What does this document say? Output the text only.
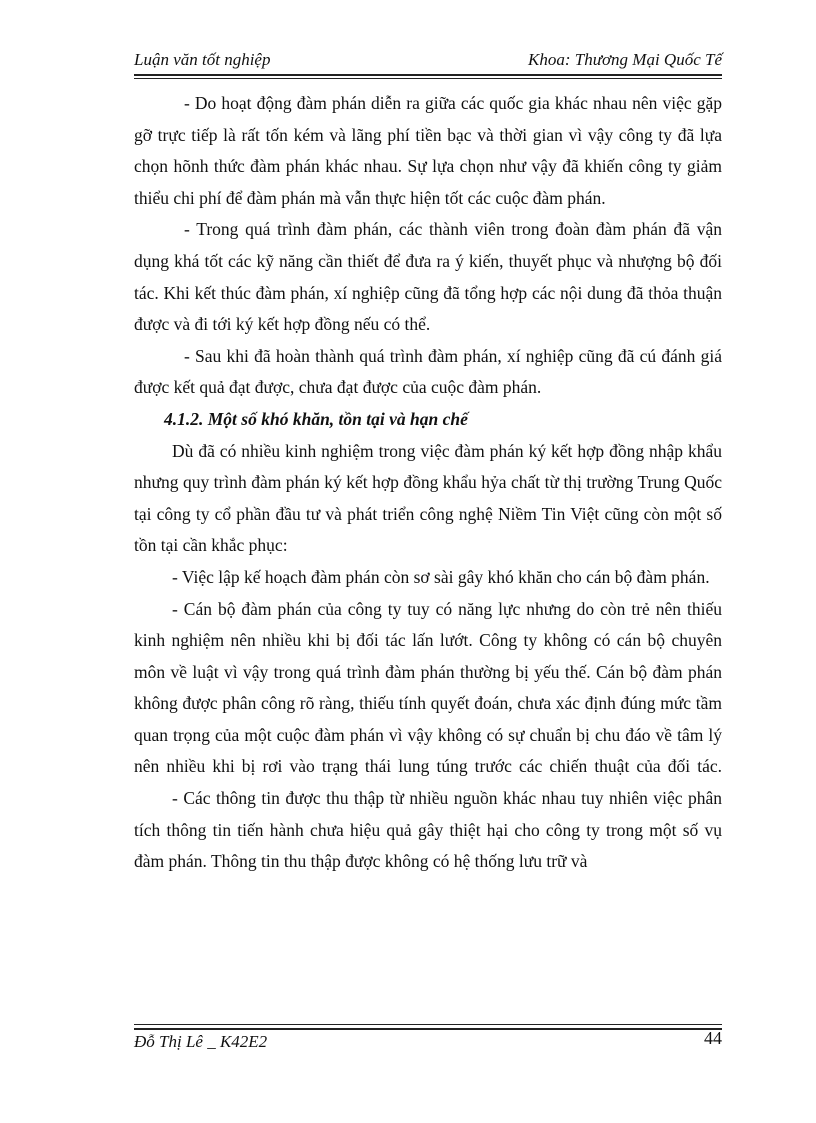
Luận văn tốt nghiệp	Khoa: Thương Mại Quốc Tế

- Do hoạt động đàm phán diễn ra giữa các quốc gia khác nhau nên việc gặp gỡ trực tiếp là rất tốn kém và lãng phí tiền bạc và thời gian vì vậy công ty đã lựa chọn hõnh thức đàm phán khác nhau. Sự lựa chọn như vậy đã khiến công ty giảm thiểu chi phí để đàm phán mà vẫn thực hiện tốt các cuộc đàm phán.

- Trong quá trình đàm phán, các thành viên trong đoàn đàm phán đã vận dụng khá tốt các kỹ năng cần thiết để đưa ra ý kiến, thuyết phục và nhượng bộ đối tác. Khi kết thúc đàm phán, xí nghiệp cũng đã tổng hợp các nội dung đã thỏa thuận được và đi tới ký kết hợp đồng nếu có thể.

- Sau khi đã hoàn thành quá trình đàm phán, xí nghiệp cũng đã cú đánh giá được kết quả đạt được, chưa đạt được của cuộc đàm phán.

4.1.2. Một số khó khăn, tồn tại và hạn chế

Dù đã có nhiều kinh nghiệm trong việc đàm phán ký kết hợp đồng nhập khẩu nhưng quy trình đàm phán ký kết hợp đồng khẩu hỷa chất từ thị trường Trung Quốc tại công ty cổ phần đầu tư và phát triển công nghệ Niềm Tin Việt cũng còn một số tồn tại cần khắc phục:

- Việc lập kế hoạch đàm phán còn sơ sài gây khó khăn cho cán bộ đàm phán.

- Cán bộ đàm phán của công ty tuy có năng lực nhưng do còn trẻ nên thiếu kinh nghiệm nên nhiều khi bị đối tác lấn lướt. Công ty không có cán bộ chuyên môn về luật vì vậy trong quá trình đàm phán thường bị yếu thế. Cán bộ đàm phán không được phân công rõ ràng, thiếu tính quyết đoán, chưa xác định đúng mức tầm quan trọng của một cuộc đàm phán vì vậy không có sự chuẩn bị chu đáo về tâm lý nên nhiều khi bị rơi vào trạng thái lung túng trước các chiến thuật của đối tác.

- Các thông tin được thu thập từ nhiều nguồn khác nhau tuy nhiên việc phân tích thông tin tiến hành chưa hiệu quả gây thiệt hại cho công ty trong một số vụ đàm phán. Thông tin thu thập được không có hệ thống lưu trữ và

Đỗ Thị Lê _ K42E2	44
